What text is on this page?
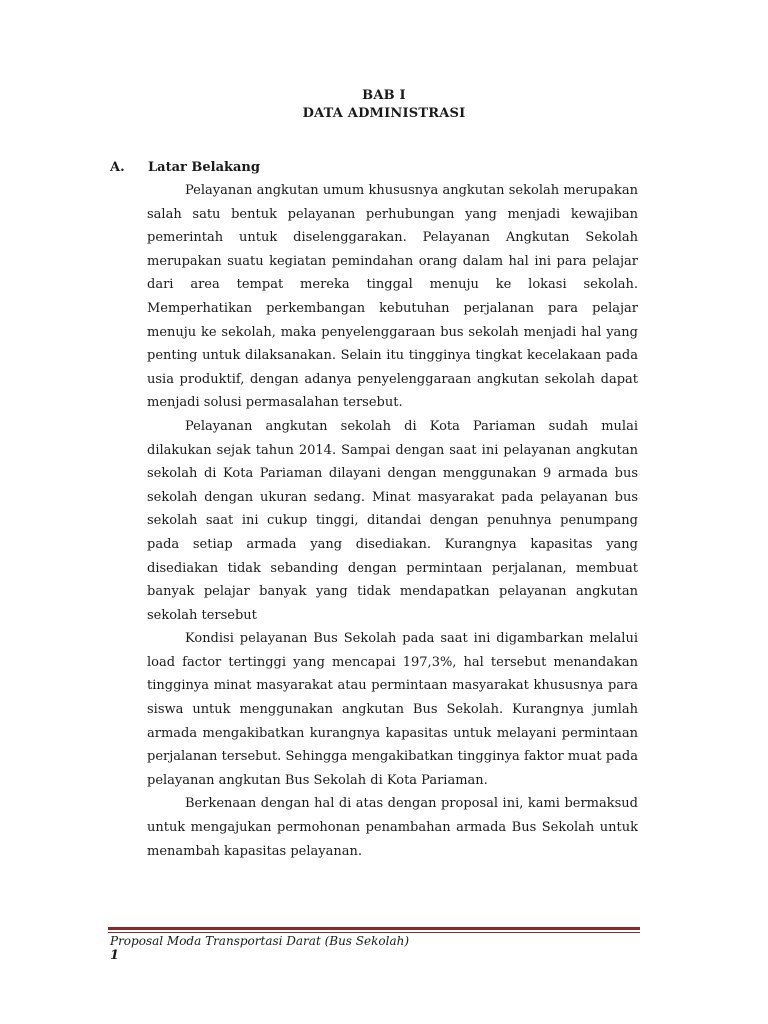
BAB I
DATA ADMINISTRASI
A. Latar Belakang

Pelayanan angkutan umum khususnya angkutan sekolah merupakan salah satu bentuk pelayanan perhubungan yang menjadi kewajiban pemerintah untuk diselenggarakan. Pelayanan Angkutan Sekolah merupakan suatu kegiatan pemindahan orang dalam hal ini para pelajar dari area tempat mereka tinggal menuju ke lokasi sekolah. Memperhatikan perkembangan kebutuhan perjalanan para pelajar menuju ke sekolah, maka penyelenggaraan bus sekolah menjadi hal yang penting untuk dilaksanakan. Selain itu tingginya tingkat kecelakaan pada usia produktif, dengan adanya penyelenggaraan angkutan sekolah dapat menjadi solusi permasalahan tersebut.

Pelayanan angkutan sekolah di Kota Pariaman sudah mulai dilakukan sejak tahun 2014. Sampai dengan saat ini pelayanan angkutan sekolah di Kota Pariaman dilayani dengan menggunakan 9 armada bus sekolah dengan ukuran sedang. Minat masyarakat pada pelayanan bus sekolah saat ini cukup tinggi, ditandai dengan penuhnya penumpang pada setiap armada yang disediakan. Kurangnya kapasitas yang disediakan tidak sebanding dengan permintaan perjalanan, membuat banyak pelajar banyak yang tidak mendapatkan pelayanan angkutan sekolah tersebut

Kondisi pelayanan Bus Sekolah pada saat ini digambarkan melalui load factor tertinggi yang mencapai 197,3%, hal tersebut menandakan tingginya minat masyarakat atau permintaan masyarakat khususnya para siswa untuk menggunakan angkutan Bus Sekolah. Kurangnya jumlah armada mengakibatkan kurangnya kapasitas untuk melayani permintaan perjalanan tersebut. Sehingga mengakibatkan tingginya faktor muat pada pelayanan angkutan Bus Sekolah di Kota Pariaman.

Berkenaan dengan hal di atas dengan proposal ini, kami bermaksud untuk mengajukan permohonan penambahan armada Bus Sekolah untuk menambah kapasitas pelayanan.

Proposal Moda Transportasi Darat (Bus Sekolah)
1
